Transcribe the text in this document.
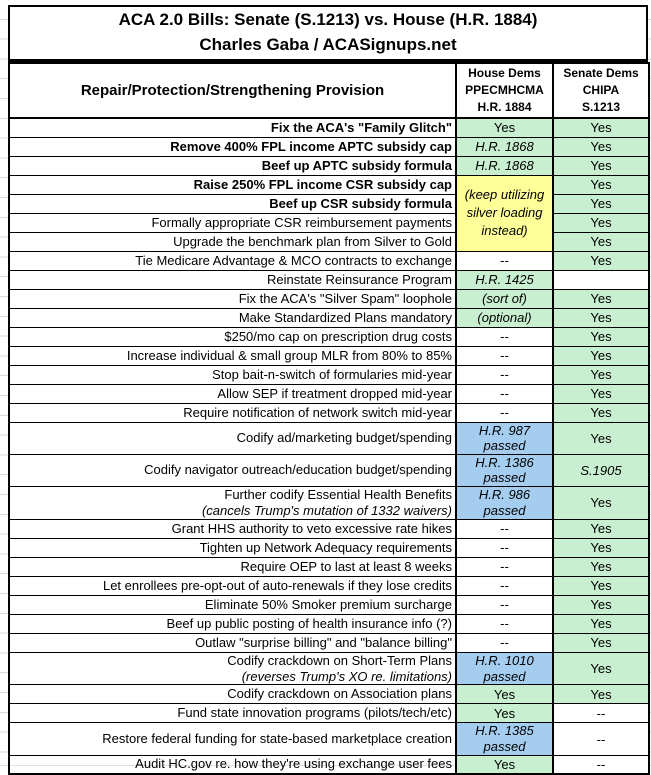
ACA 2.0 Bills: Senate (S.1213) vs. House (H.R. 1884)
Charles Gaba / ACASignups.net
Repair/Protection/Strengthening Provision	House Dems
PPECMHCMA
H.R. 1884	Senate Dems
CHIPA
S.1213

Fix the ACA's "Family Glitch"	Yes	Yes

Remove 400% FPL income APTC subsidy cap	H.R. 1868	Yes

Beef up APTC subsidy formula	H.R. 1868	Yes

Raise 250% FPL income CSR subsidy cap	(keep utilizing silver loading instead)	Yes

Beef up CSR subsidy formula		Yes

Formally appropriate CSR reimbursement payments		Yes

Upgrade the benchmark plan from Silver to Gold		Yes

Tie Medicare Advantage & MCO contracts to exchange	--	Yes

Reinstate Reinsurance Program	H.R. 1425	

Fix the ACA's "Silver Spam" loophole	(sort of)	Yes

Make Standardized Plans mandatory	(optional)	Yes

$250/mo cap on prescription drug costs	--	Yes

Increase individual & small group MLR from 80% to 85%	--	Yes

Stop bait-n-switch of formularies mid-year	--	Yes

Allow SEP if treatment dropped mid-year	--	Yes

Require notification of network switch mid-year	--	Yes

Codify ad/marketing budget/spending	H.R. 987
passed	Yes

Codify navigator outreach/education budget/spending	H.R. 1386
passed	S.1905

Further codify Essential Health Benefits
(cancels Trump's mutation of 1332 waivers)	H.R. 986
passed	Yes

Grant HHS authority to veto excessive rate hikes	--	Yes

Tighten up Network Adequacy requirements	--	Yes

Require OEP to last at least 8 weeks	--	Yes

Let enrollees pre-opt-out of auto-renewals if they lose credits	--	Yes

Eliminate 50% Smoker premium surcharge	--	Yes

Beef up public posting of health insurance info (?)	--	Yes

Outlaw "surprise billing" and "balance billing"	--	Yes

Codify crackdown on Short-Term Plans
(reverses Trump's XO re. limitations)	H.R. 1010
passed	Yes

Codify crackdown on Association plans	Yes	Yes

Fund state innovation programs (pilots/tech/etc)	Yes	--

Restore federal funding for state-based marketplace creation	H.R. 1385
passed	--

Audit HC.gov re. how they're using exchange user fees	Yes	--
